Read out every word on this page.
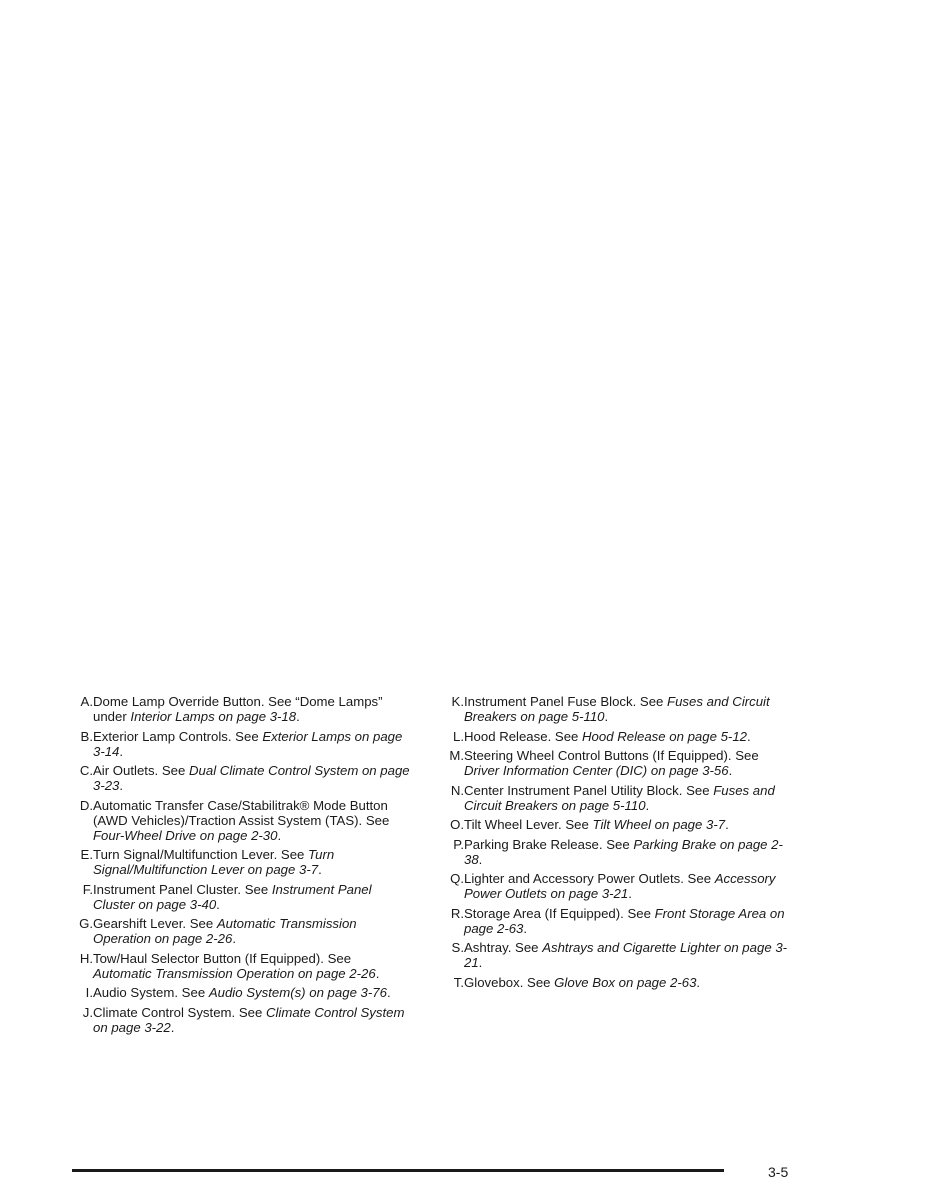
A. Dome Lamp Override Button. See “Dome Lamps” under Interior Lamps on page 3-18.
B. Exterior Lamp Controls. See Exterior Lamps on page 3-14.
C. Air Outlets. See Dual Climate Control System on page 3-23.
D. Automatic Transfer Case/Stabilitrak® Mode Button (AWD Vehicles)/Traction Assist System (TAS). See Four-Wheel Drive on page 2-30.
E. Turn Signal/Multifunction Lever. See Turn Signal/Multifunction Lever on page 3-7.
F. Instrument Panel Cluster. See Instrument Panel Cluster on page 3-40.
G. Gearshift Lever. See Automatic Transmission Operation on page 2-26.
H. Tow/Haul Selector Button (If Equipped). See Automatic Transmission Operation on page 2-26.
I. Audio System. See Audio System(s) on page 3-76.
J. Climate Control System. See Climate Control System on page 3-22.
K. Instrument Panel Fuse Block. See Fuses and Circuit Breakers on page 5-110.
L. Hood Release. See Hood Release on page 5-12.
M. Steering Wheel Control Buttons (If Equipped). See Driver Information Center (DIC) on page 3-56.
N. Center Instrument Panel Utility Block. See Fuses and Circuit Breakers on page 5-110.
O. Tilt Wheel Lever. See Tilt Wheel on page 3-7.
P. Parking Brake Release. See Parking Brake on page 2-38.
Q. Lighter and Accessory Power Outlets. See Accessory Power Outlets on page 3-21.
R. Storage Area (If Equipped). See Front Storage Area on page 2-63.
S. Ashtray. See Ashtrays and Cigarette Lighter on page 3-21.
T. Glovebox. See Glove Box on page 2-63.
3-5
